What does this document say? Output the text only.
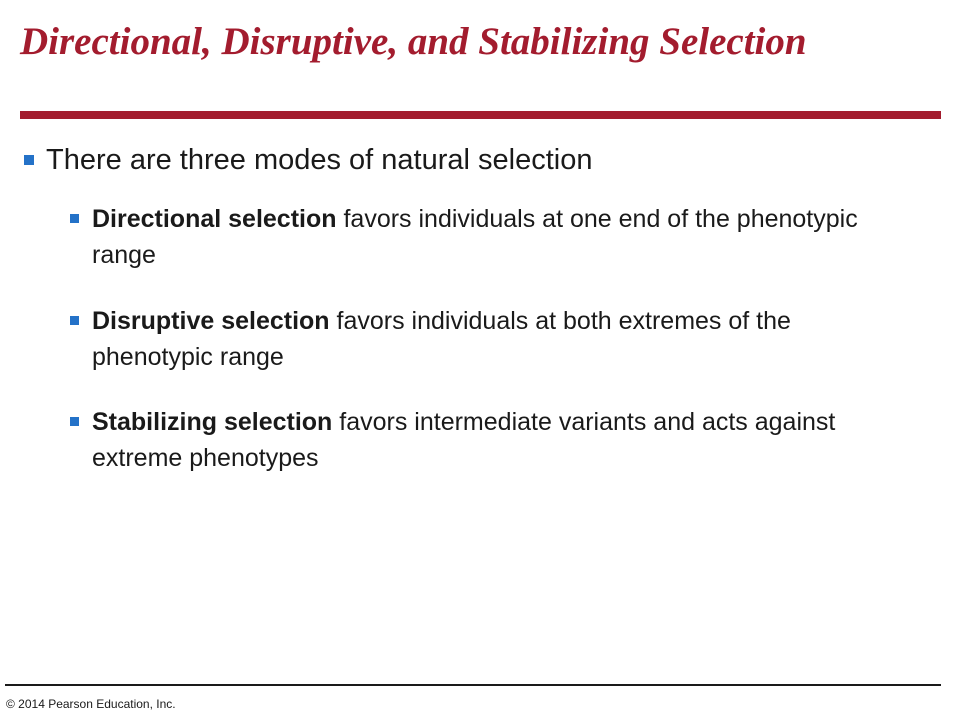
Directional, Disruptive, and Stabilizing Selection
There are three modes of natural selection
Directional selection favors individuals at one end of the phenotypic range
Disruptive selection favors individuals at both extremes of the phenotypic range
Stabilizing selection favors intermediate variants and acts against extreme phenotypes
© 2014 Pearson Education, Inc.
